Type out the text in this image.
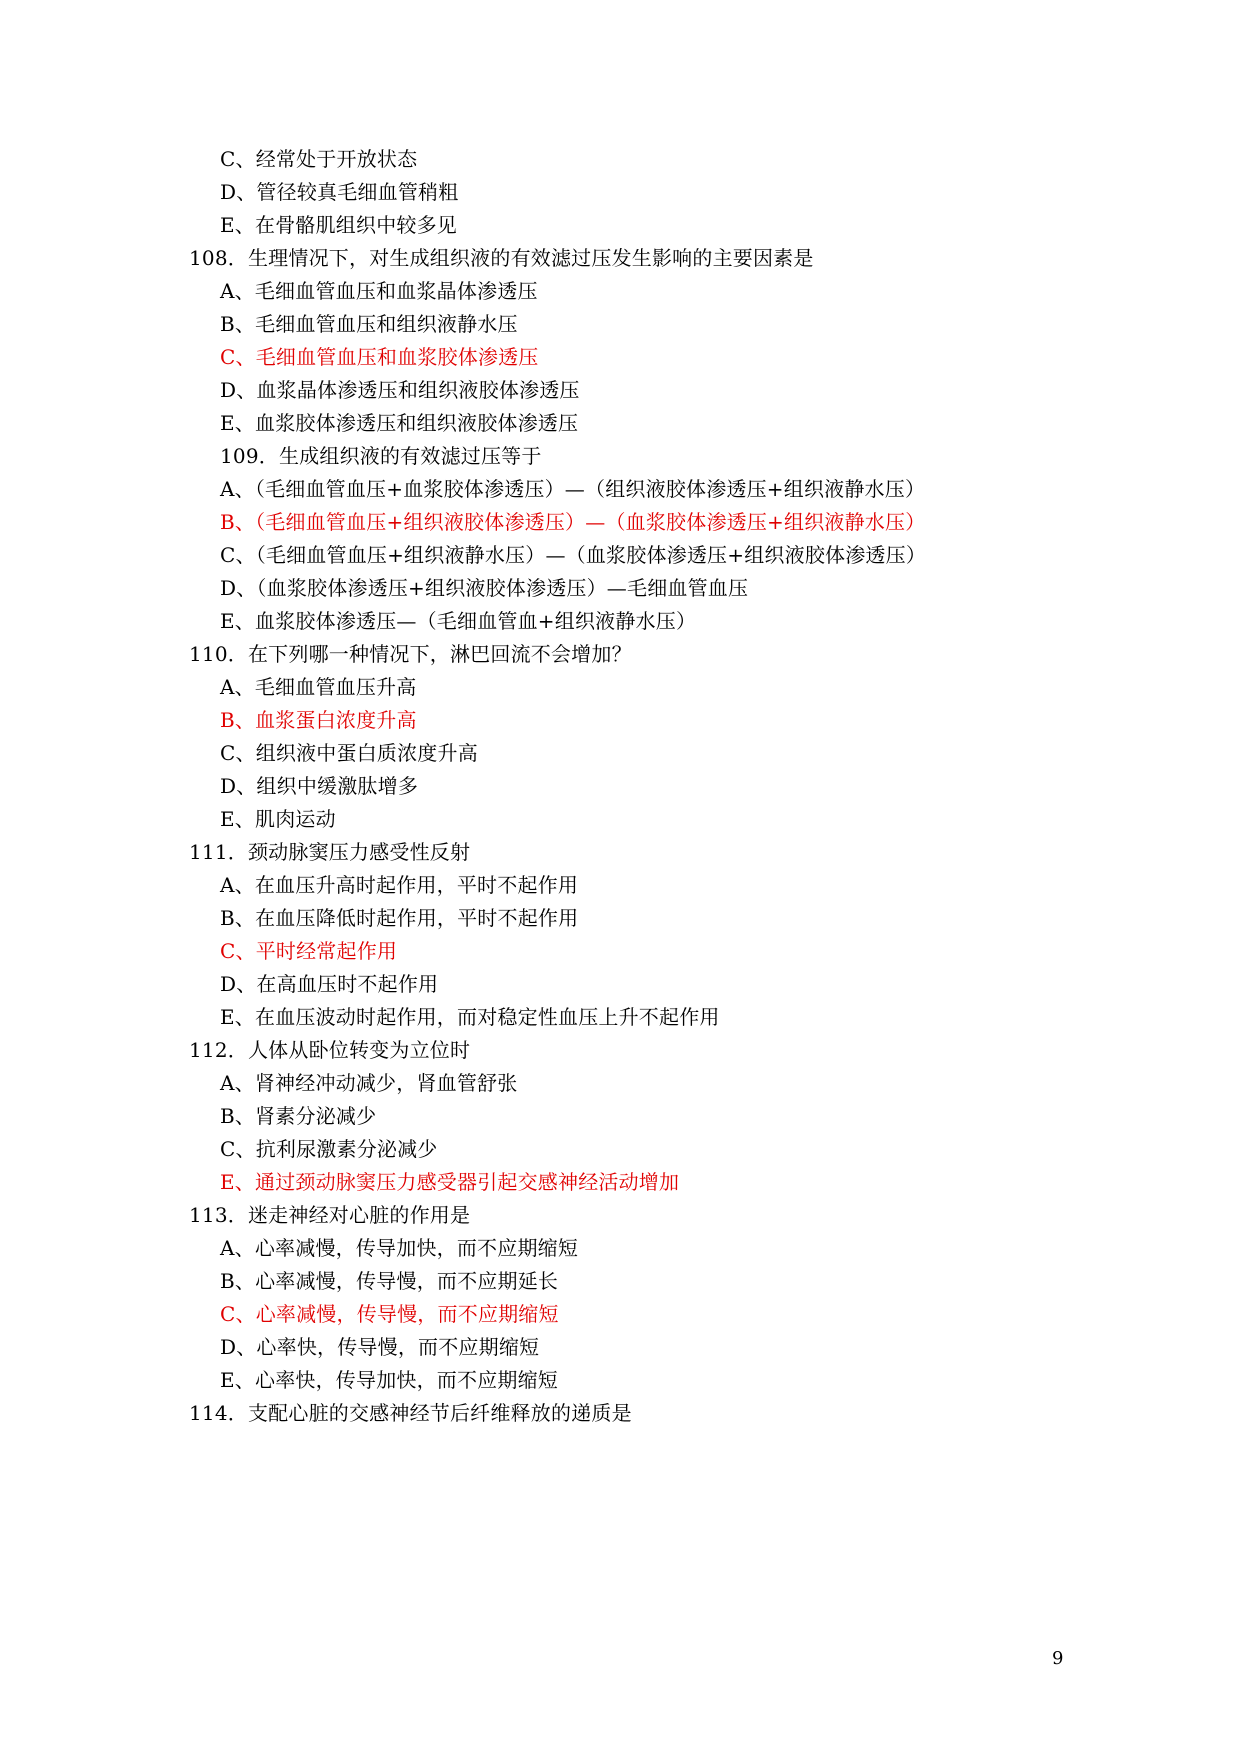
C、经常处于开放状态
D、管径较真毛细血管稍粗
E、在骨骼肌组织中较多见
108．生理情况下，对生成组织液的有效滤过压发生影响的主要因素是
A、毛细血管血压和血浆晶体渗透压
B、毛细血管血压和组织液静水压
C、毛细血管血压和血浆胶体渗透压
D、血浆晶体渗透压和组织液胶体渗透压
E、血浆胶体渗透压和组织液胶体渗透压
109．生成组织液的有效滤过压等于
A、（毛细血管血压+血浆胶体渗透压）—（组织液胶体渗透压+组织液静水压）
B、（毛细血管血压+组织液胶体渗透压）—（血浆胶体渗透压+组织液静水压）
C、（毛细血管血压+组织液静水压）—（血浆胶体渗透压+组织液胶体渗透压）
D、（血浆胶体渗透压+组织液胶体渗透压）—毛细血管血压
E、血浆胶体渗透压—（毛细血管血+组织液静水压）
110．在下列哪一种情况下，淋巴回流不会增加？
A、毛细血管血压升高
B、血浆蛋白浓度升高
C、组织液中蛋白质浓度升高
D、组织中缓激肽增多
E、肌肉运动
111．颈动脉窦压力感受性反射
A、在血压升高时起作用，平时不起作用
B、在血压降低时起作用，平时不起作用
C、平时经常起作用
D、在高血压时不起作用
E、在血压波动时起作用，而对稳定性血压上升不起作用
112．人体从卧位转变为立位时
A、肾神经冲动减少，肾血管舒张
B、肾素分泌减少
C、抗利尿激素分泌减少
E、通过颈动脉窦压力感受器引起交感神经活动增加
113．迷走神经对心脏的作用是
A、心率减慢，传导加快，而不应期缩短
B、心率减慢，传导慢，而不应期延长
C、心率减慢，传导慢，而不应期缩短
D、心率快，传导慢，而不应期缩短
E、心率快，传导加快，而不应期缩短
114．支配心脏的交感神经节后纤维释放的递质是
9
